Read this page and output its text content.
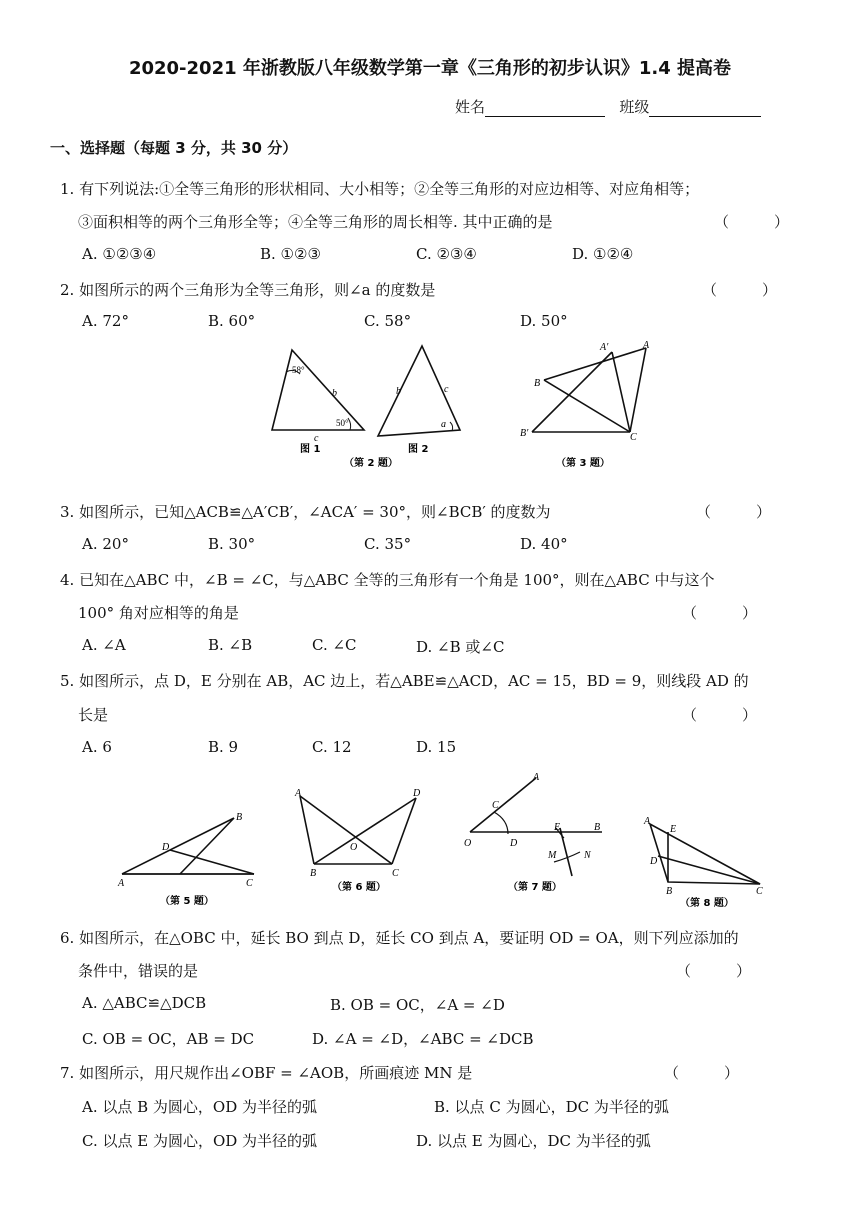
2020-2021 年浙教版八年级数学第一章《三角形的初步认识》1.4 提高卷
姓名	班级
一、选择题（每题 3 分，共 30 分）
1. 有下列说法:①全等三角形的形状相同、大小相等；②全等三角形的对应边相等、对应角相等；
③面积相等的两个三角形全等；④全等三角形的周长相等. 其中正确的是	（　　　）
A. ①②③④	B. ①②③	C. ②③④	D. ①②④
2. 如图所示的两个三角形为全等三角形，则∠a 的度数是	（　　　）
A. 72°	B. 60°	C. 58°	D. 50°
58°
50°
b
c
图 1
b	c
a
图 2
（第 2 题）
A′	A
B
B′	C
（第 3 题）
3. 如图所示，已知△ACB≌△A′CB′，∠ACA′ = 30°，则∠BCB′ 的度数为	（　　　）
A. 20°	B. 30°	C. 35°	D. 40°
4. 已知在△ABC 中，∠B = ∠C，与△ABC 全等的三角形有一个角是 100°，则在△ABC 中与这个
100° 角对应相等的角是	（　　　）
A. ∠A	B. ∠B	C. ∠C	D. ∠B 或∠C
5. 如图所示，点 D，E 分别在 AB，AC 边上，若△ABE≌△ACD，AC = 15，BD = 9，则线段 AD 的
长是	（　　　）
A. 6	B. 9	C. 12	D. 15
B
D
A	C
（第 5 题）
A	D
O
B	C
（第 6 题）
A
C
O	D
E	B
M	N
（第 7 题）
A
E
D
B	C
（第 8 题）
6. 如图所示，在△OBC 中，延长 BO 到点 D，延长 CO 到点 A，要证明 OD = OA，则下列应添加的
条件中，错误的是	（　　　）
A. △ABC≌△DCB	B. OB = OC，∠A = ∠D
C. OB = OC，AB = DC	D. ∠A = ∠D，∠ABC = ∠DCB
7. 如图所示，用尺规作出∠OBF = ∠AOB，所画痕迹 MN 是	（　　　）
A. 以点 B 为圆心，OD 为半径的弧	B. 以点 C 为圆心，DC 为半径的弧
C. 以点 E 为圆心，OD 为半径的弧	D. 以点 E 为圆心，DC 为半径的弧
